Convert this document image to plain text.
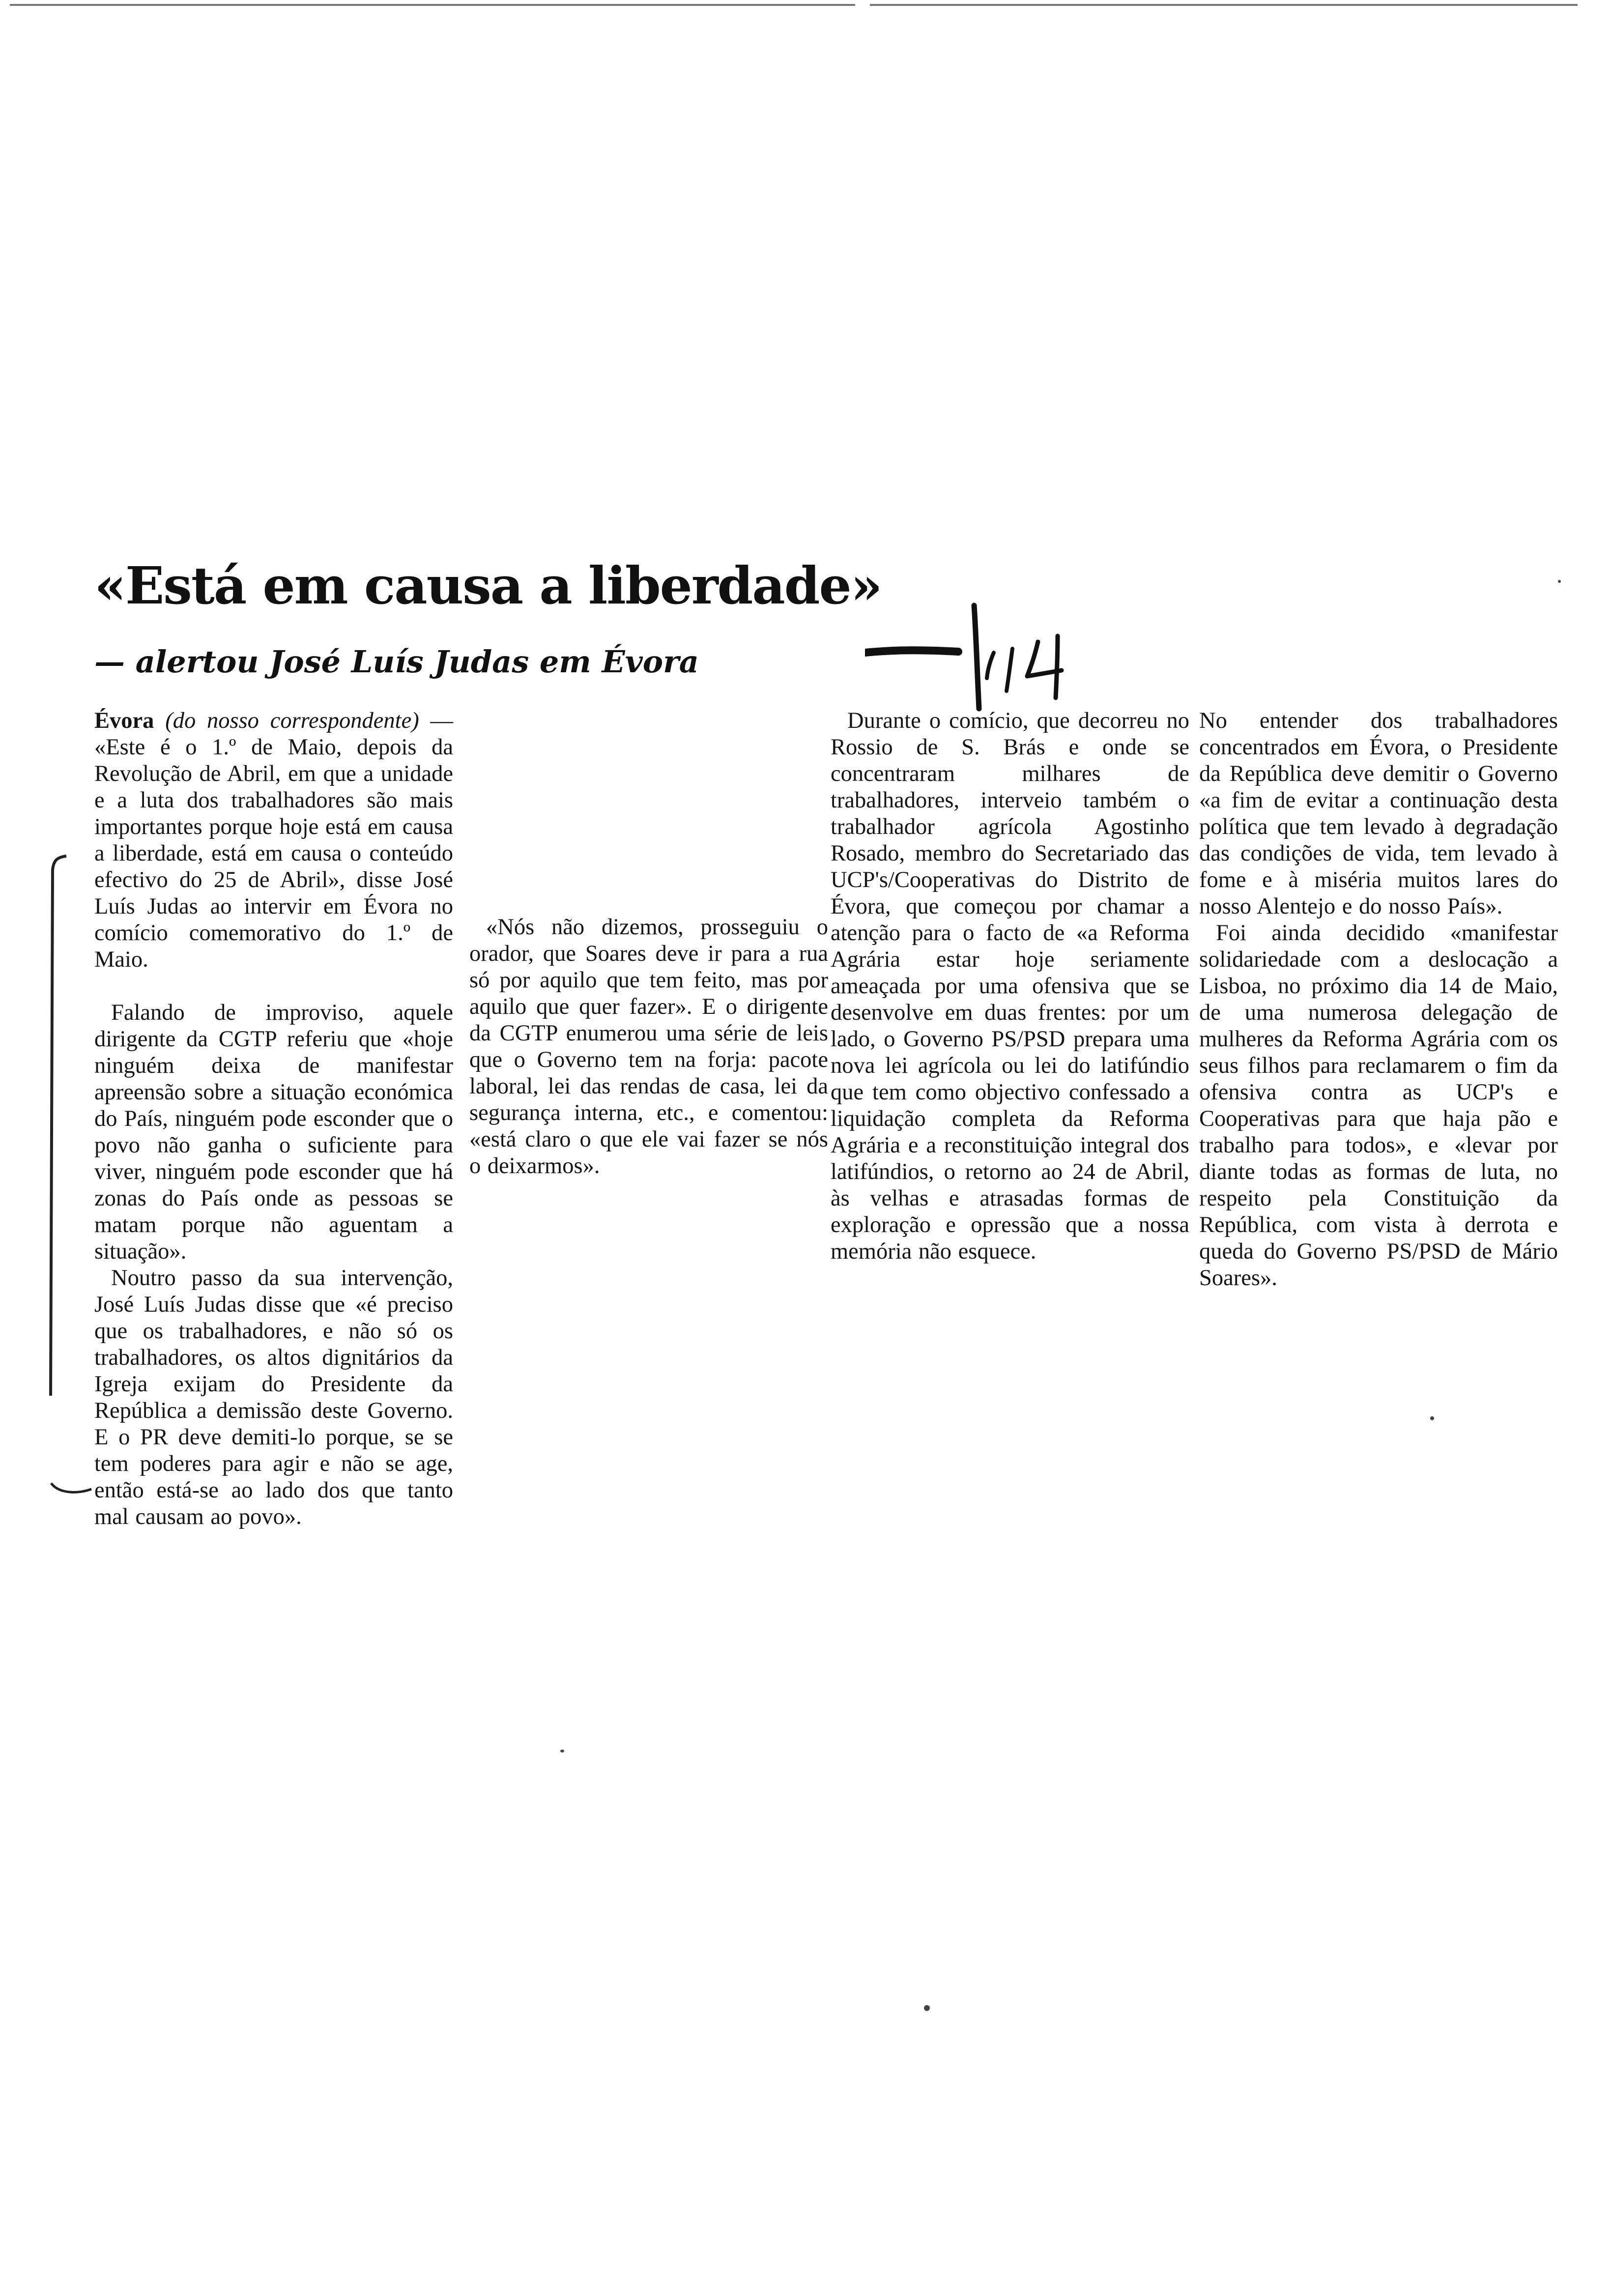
«Está em causa a liberdade»
— alertou José Luís Judas em Évora

Évora (do nosso correspondente) — «Este é o 1.º de Maio, depois da Revolução de Abril, em que a unidade e a luta dos trabalhadores são mais importantes porque hoje está em causa a liberdade, está em causa o conteúdo efectivo do 25 de Abril», disse José Luís Judas ao intervir em Évora no comício comemorativo do 1.º de Maio.

Falando de improviso, aquele dirigente da CGTP referiu que «hoje ninguém deixa de manifestar apreensão sobre a situação económica do País, ninguém pode esconder que o povo não ganha o suficiente para viver, ninguém pode esconder que há zonas do País onde as pessoas se matam porque não aguentam a situação».

Noutro passo da sua intervenção, José Luís Judas disse que «é preciso que os trabalhadores, e não só os trabalhadores, os altos dignitários da Igreja exijam do Presidente da República a demissão deste Governo. E o PR deve demiti-lo porque, se se tem poderes para agir e não se age, então está-se ao lado dos que tanto mal causam ao povo».

«Nós não dizemos, prosseguiu o orador, que Soares deve ir para a rua só por aquilo que tem feito, mas por aquilo que quer fazer». E o dirigente da CGTP enumerou uma série de leis que o Governo tem na forja: pacote laboral, lei das rendas de casa, lei da segurança interna, etc., e comentou: «está claro o que ele vai fazer se nós o deixarmos».

Durante o comício, que decorreu no Rossio de S. Brás e onde se concentraram milhares de trabalhadores, interveio também o trabalhador agrícola Agostinho Rosado, membro do Secretariado das UCP's/Cooperativas do Distrito de Évora, que começou por chamar a atenção para o facto de «a Reforma Agrária estar hoje seriamente ameaçada por uma ofensiva que se desenvolve em duas frentes: por um lado, o Governo PS/PSD prepara uma nova lei agrícola ou lei do latifúndio que tem como objectivo confessado a liquidação completa da Reforma Agrária e a reconstituição integral dos latifúndios, o retorno ao 24 de Abril, às velhas e atrasadas formas de exploração e opressão que a nossa memória não esquece.

No entender dos trabalhadores concentrados em Évora, o Presidente da República deve demitir o Governo «a fim de evitar a continuação desta política que tem levado à degradação das condições de vida, tem levado à fome e à miséria muitos lares do nosso Alentejo e do nosso País».

Foi ainda decidido «manifestar solidariedade com a deslocação a Lisboa, no próximo dia 14 de Maio, de uma numerosa delegação de mulheres da Reforma Agrária com os seus filhos para reclamarem o fim da ofensiva contra as UCP's e Cooperativas para que haja pão e trabalho para todos», e «levar por diante todas as formas de luta, no respeito pela Constituição da República, com vista à derrota e queda do Governo PS/PSD de Mário Soares».
